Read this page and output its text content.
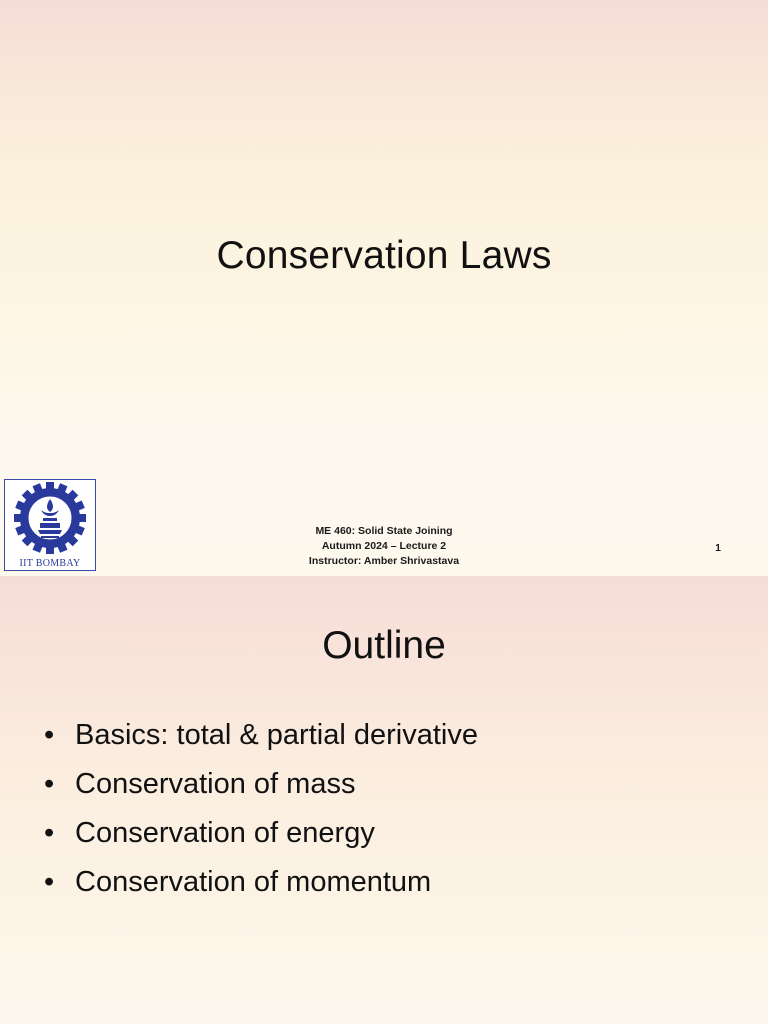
Conservation Laws
IIT BOMBAY
ME 460: Solid State Joining
Autumn 2024 – Lecture 2
Instructor: Amber Shrivastava
1
Outline
• Basics: total & partial derivative
• Conservation of mass
• Conservation of energy
• Conservation of momentum
